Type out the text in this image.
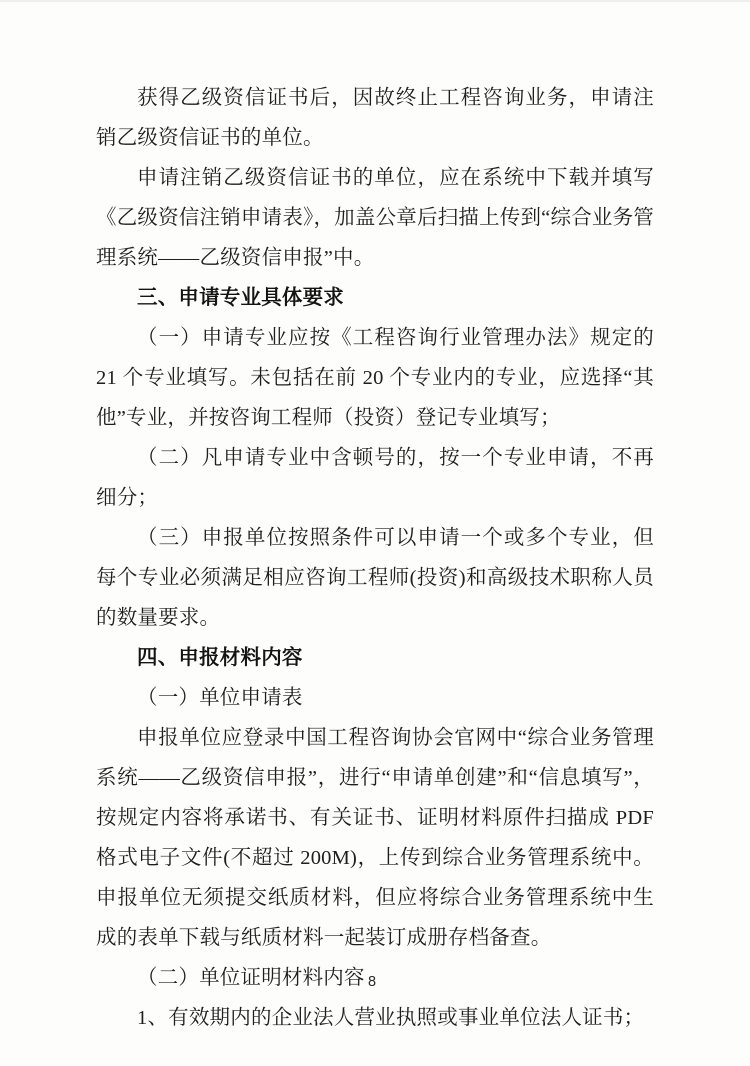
获得乙级资信证书后，因故终止工程咨询业务，申请注销乙级资信证书的单位。

申请注销乙级资信证书的单位，应在系统中下载并填写《乙级资信注销申请表》，加盖公章后扫描上传到“综合业务管理系统——乙级资信申报”中。

三、申请专业具体要求

（一）申请专业应按《工程咨询行业管理办法》规定的 21 个专业填写。未包括在前 20 个专业内的专业，应选择“其他”专业，并按咨询工程师（投资）登记专业填写；

（二）凡申请专业中含顿号的，按一个专业申请，不再细分；

（三）申报单位按照条件可以申请一个或多个专业，但每个专业必须满足相应咨询工程师(投资)和高级技术职称人员的数量要求。

四、申报材料内容

（一）单位申请表

申报单位应登录中国工程咨询协会官网中“综合业务管理系统——乙级资信申报”，进行“申请单创建”和“信息填写”，按规定内容将承诺书、有关证书、证明材料原件扫描成 PDF 格式电子文件(不超过 200M)，上传到综合业务管理系统中。申报单位无须提交纸质材料，但应将综合业务管理系统中生成的表单下载与纸质材料一起装订成册存档备查。

（二）单位证明材料内容

1、有效期内的企业法人营业执照或事业单位法人证书；

8
